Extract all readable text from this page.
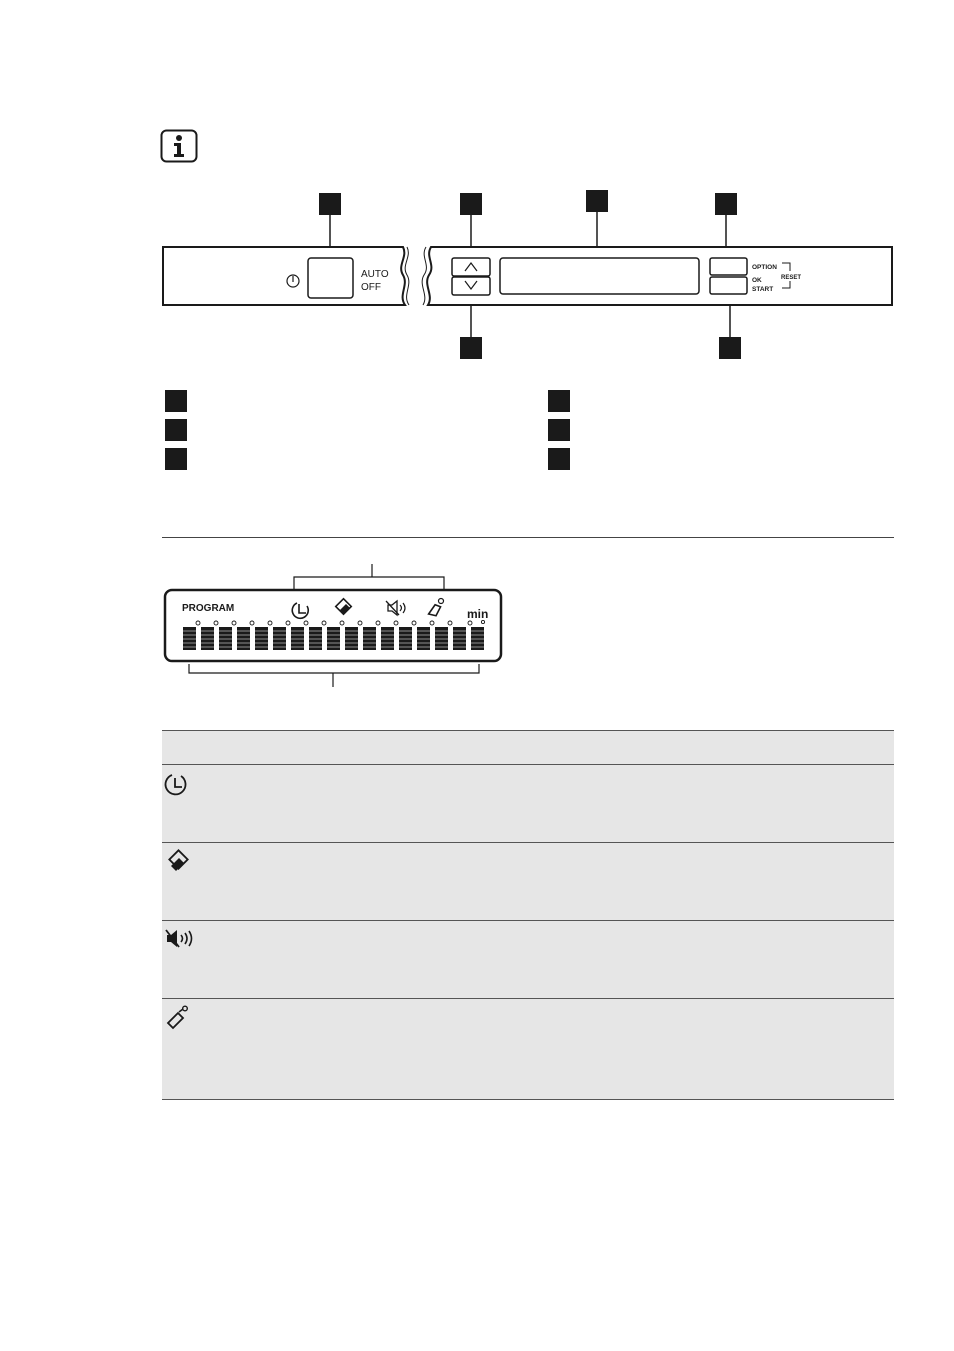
AUTO
OFF
OPTION
OK
START
RESET
PROGRAM	min
